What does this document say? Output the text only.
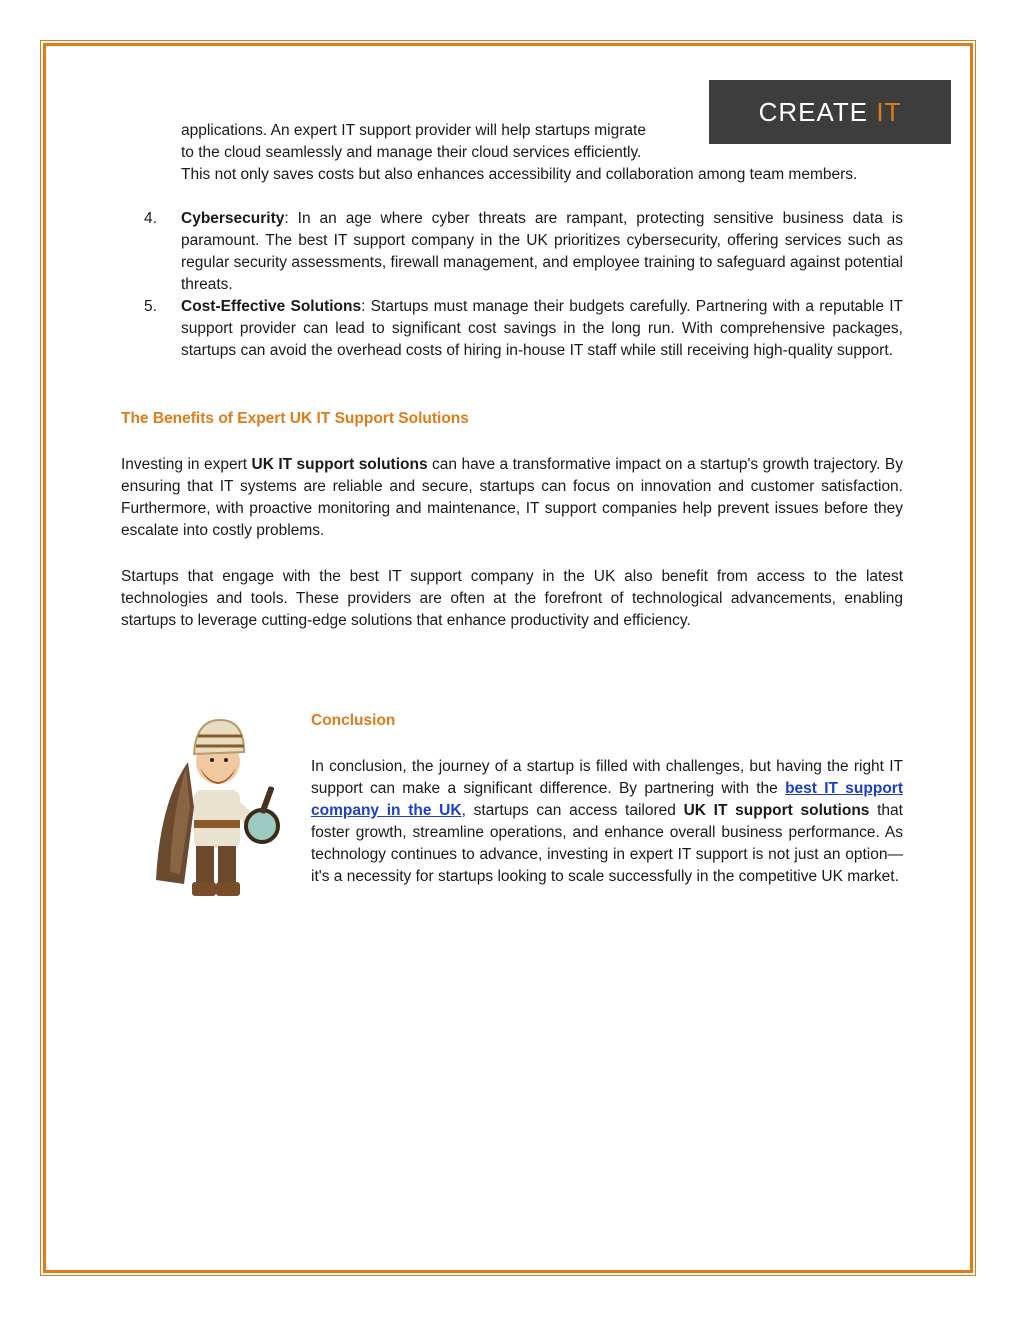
CREATE IT
applications. An expert IT support provider will help startups migrate
to the cloud seamlessly and manage their cloud services efficiently.
This not only saves costs but also enhances accessibility and collaboration among team members.
4.	Cybersecurity: In an age where cyber threats are rampant, protecting sensitive business data is paramount. The best IT support company in the UK prioritizes cybersecurity, offering services such as regular security assessments, firewall management, and employee training to safeguard against potential threats.
5.	Cost-Effective Solutions: Startups must manage their budgets carefully. Partnering with a reputable IT support provider can lead to significant cost savings in the long run. With comprehensive packages, startups can avoid the overhead costs of hiring in-house IT staff while still receiving high-quality support.
The Benefits of Expert UK IT Support Solutions
Investing in expert UK IT support solutions can have a transformative impact on a startup's growth trajectory. By ensuring that IT systems are reliable and secure, startups can focus on innovation and customer satisfaction. Furthermore, with proactive monitoring and maintenance, IT support companies help prevent issues before they escalate into costly problems.
Startups that engage with the best IT support company in the UK also benefit from access to the latest technologies and tools. These providers are often at the forefront of technological advancements, enabling startups to leverage cutting-edge solutions that enhance productivity and efficiency.
Conclusion
In conclusion, the journey of a startup is filled with challenges, but having the right IT support can make a significant difference. By partnering with the best IT support company in the UK, startups can access tailored UK IT support solutions that foster growth, streamline operations, and enhance overall business performance. As technology continues to advance, investing in expert IT support is not just an option—it's a necessity for startups looking to scale successfully in the competitive UK market.
